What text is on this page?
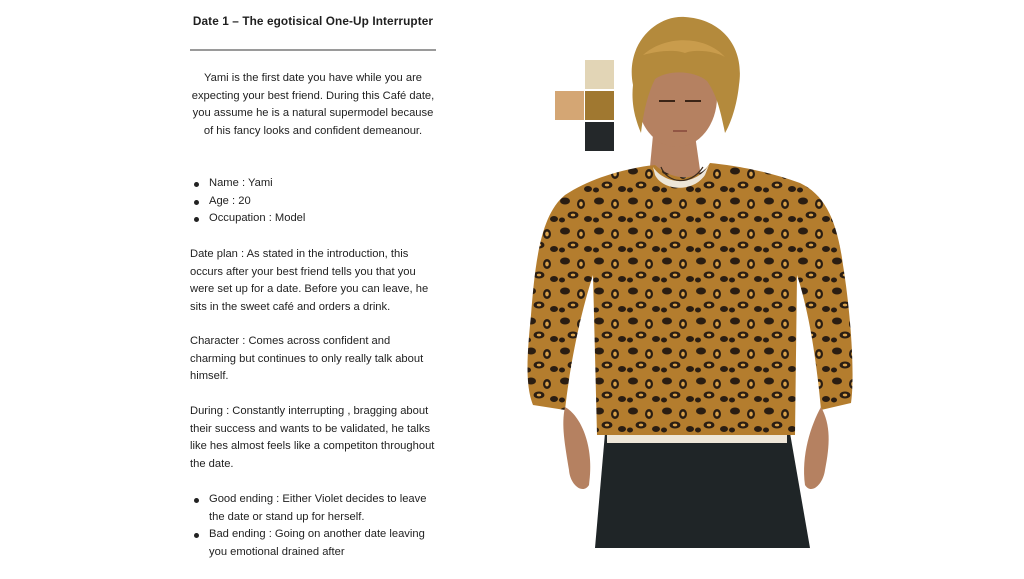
Date 1 – The egotisical One-Up Interrupter

Yami is the first date you have while you are expecting your best friend. During this Café date, you assume he is a natural supermodel because of his fancy looks and confident demeanour.

Name : Yami
Age : 20
Occupation : Model

Date plan : As stated in the introduction, this occurs after your best friend tells you that you were set up for a date. Before you can leave, he sits in the sweet café and orders a drink.

Character : Comes across confident and charming but continues to only really talk about himself.

During : Constantly interrupting , bragging about their success and wants to be validated, he talks like hes almost feels like a competiton throughout the date.

Good ending : Either Violet decides to leave the date or stand up for herself.
Bad ending : Going on another date leaving you emotional drained after
